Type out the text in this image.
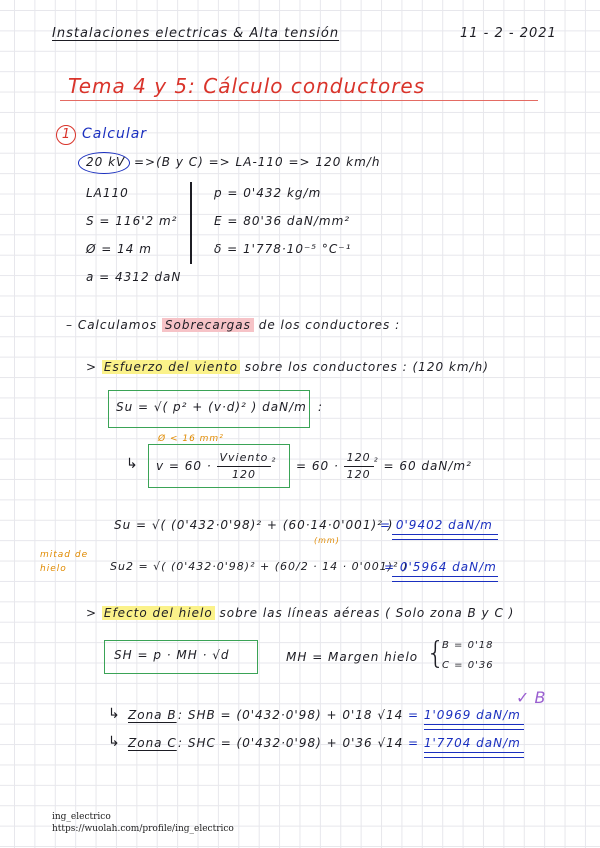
Instalaciones electricas & Alta tensión	11 - 2 - 2021
Tema 4 y 5: Cálculo conductores
1 Calcular
20 kV =>(B y C) => LA-110 => 120 km/h
LA110
S = 116'2 m²
Ø = 14 m
a = 4312 daN
p = 0'432 kg/m
E = 80'36 daN/mm²
δ = 1'778·10⁻⁵ °C⁻¹
– Calculamos Sobrecargas de los conductores :
> Esfuerzo del viento sobre los conductores : (120 km/h)
Su = √( p² + (v·d)² ) daN/m :
Ø < 16 mm²
↳ $v = 60 \cdot \frac{\text{Vviento}}{120} ^{^2} = 60 \cdot \frac{120}{120} ^{^2} = 60$ daN/m²
Su = √( (0'432·0'98)² + (60·14·0'001)² )
(mm)
= 0'9402 daN/m
mitad de hielo	Su2 = √( (0'432·0'98)² + (60/2 · 14 · 0'001)² )
= 0'5964 daN/m
> Efecto del hielo sobre las líneas aéreas ( Solo zona B y C )
SH = p · MH · √d	MH = Margen hielo {
B = 0'18
C = 0'36
✓ B
↳ Zona B : SHB = (0'432·0'98) + 0'18 √14 = 1'0969 daN/m
↳ Zona C : SHC = (0'432·0'98) + 0'36 √14 = 1'7704 daN/m
ing_electrico
https://wuolah.com/profile/ing_electrico
